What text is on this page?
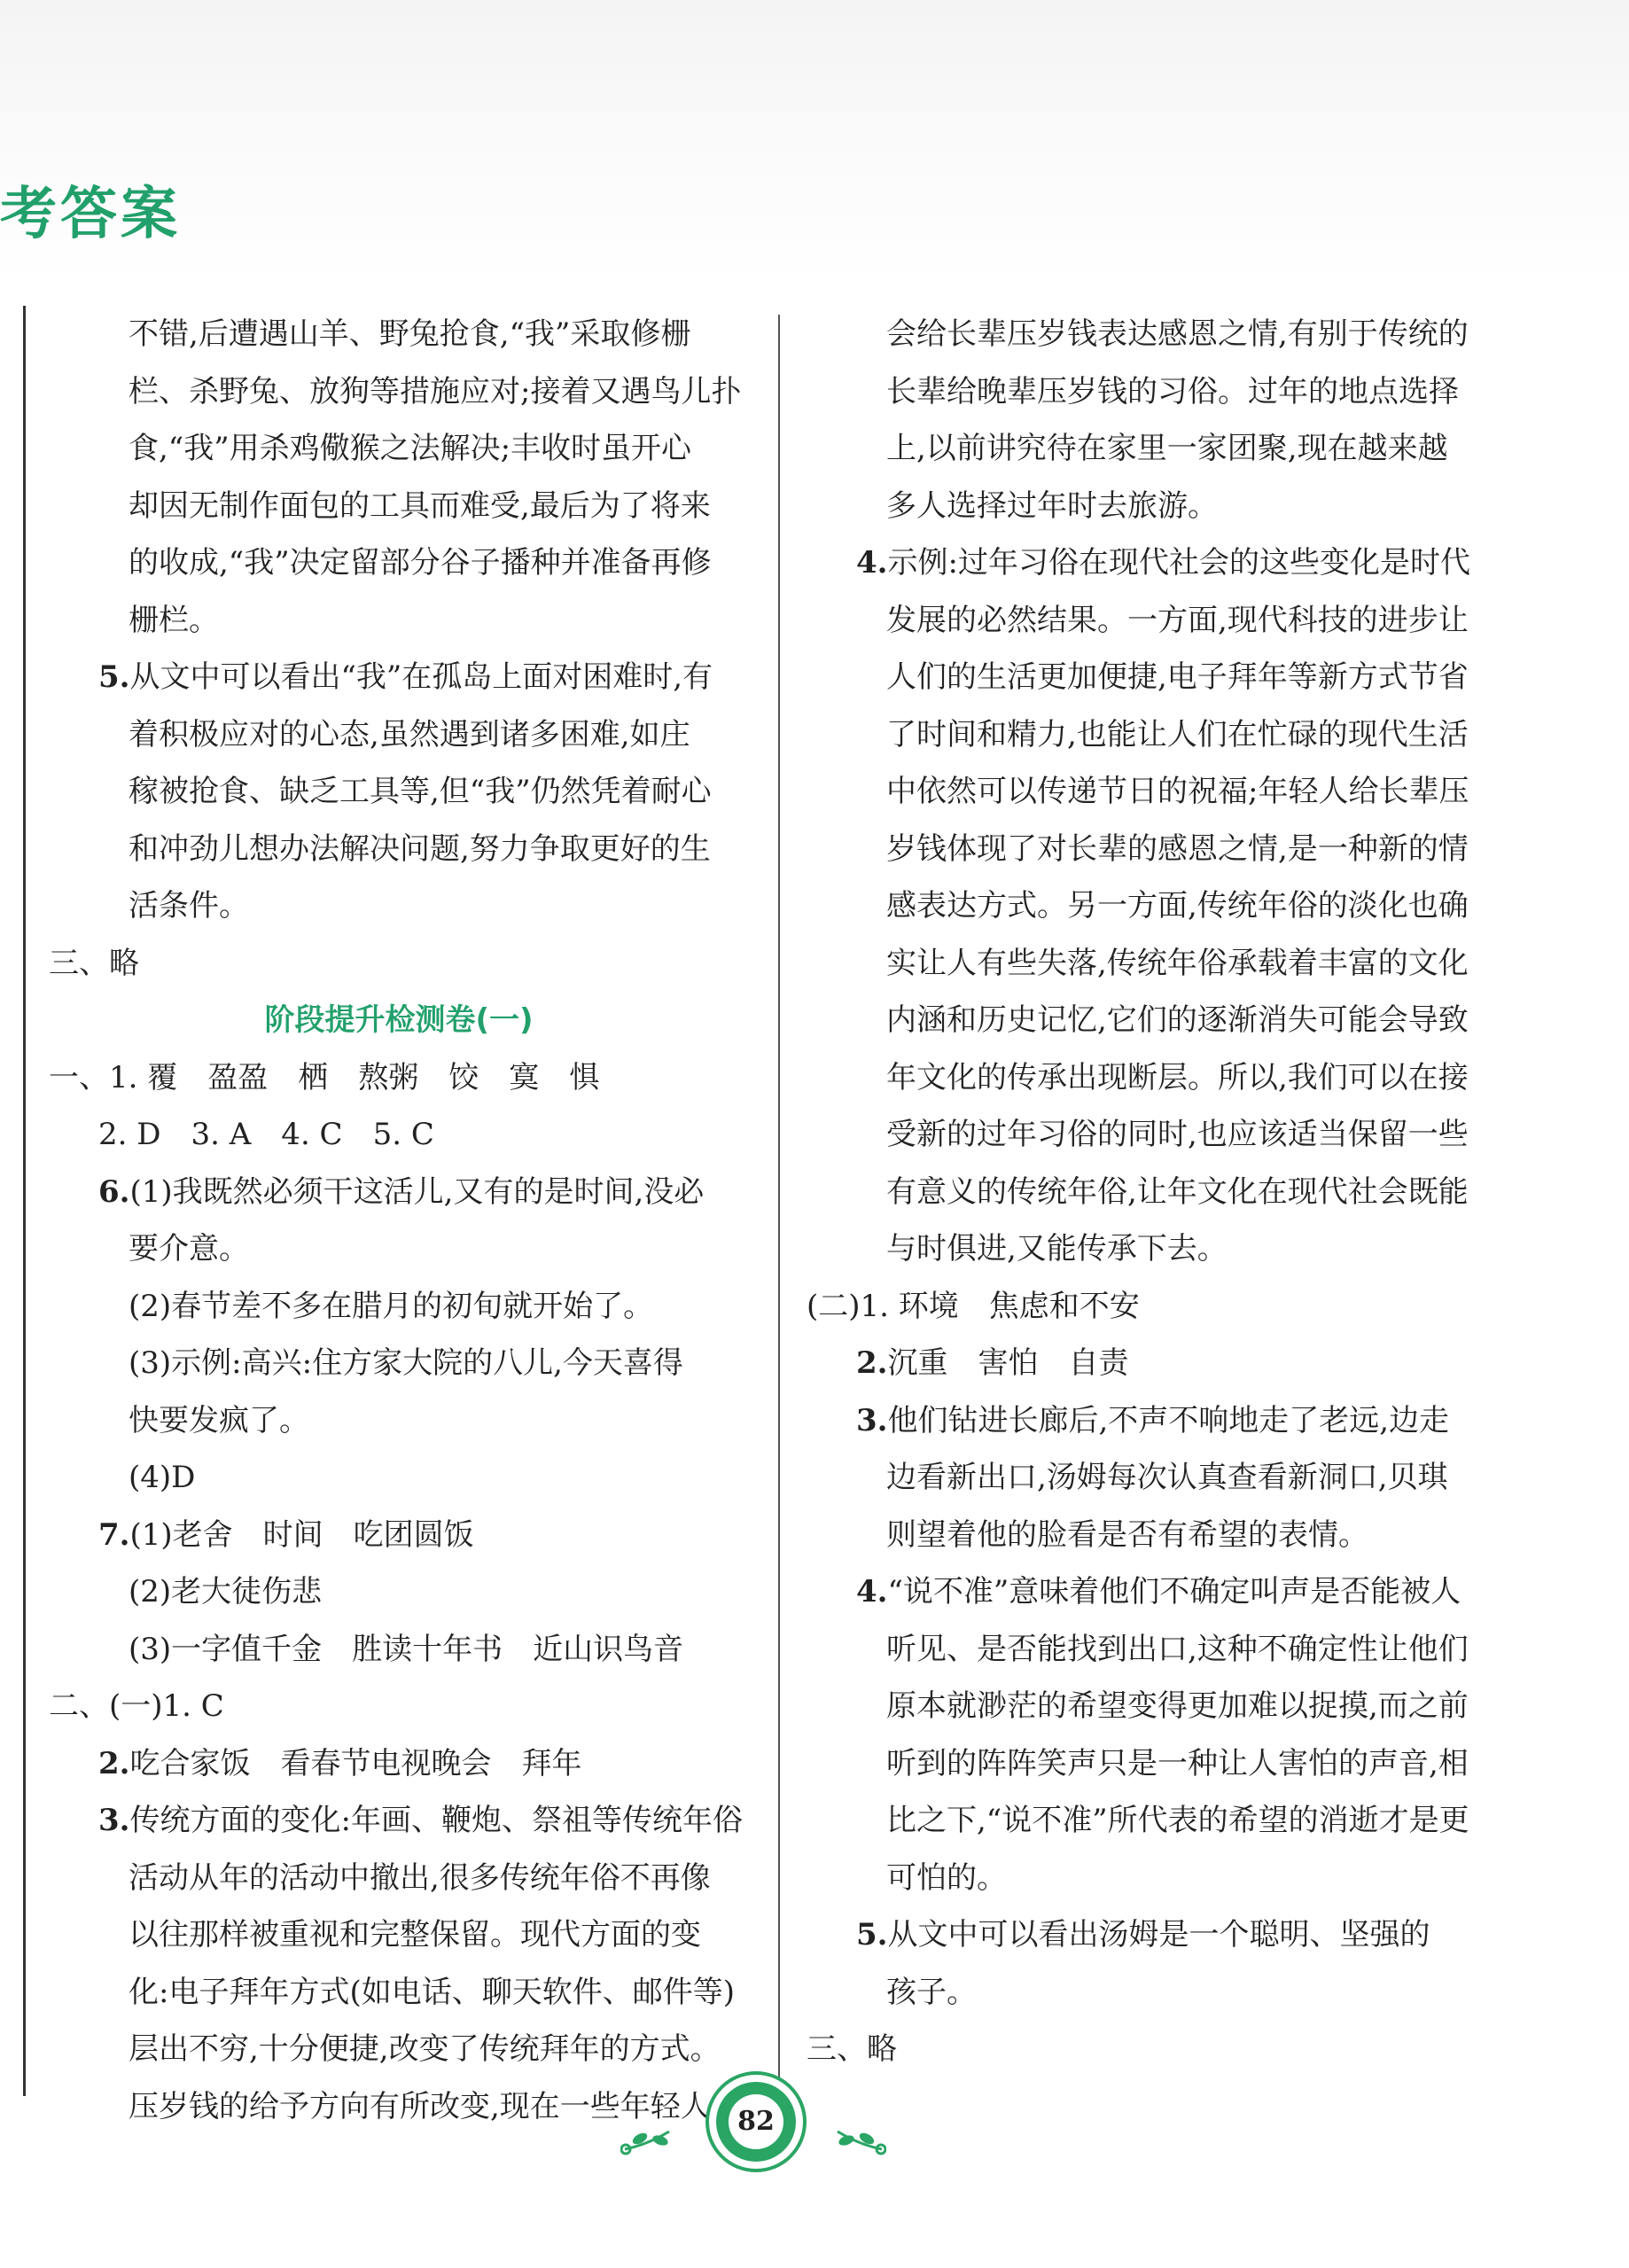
考答案
不错,后遭遇山羊、野兔抢食,“我”采取修栅
栏、杀野兔、放狗等措施应对;接着又遇鸟儿扑
食,“我”用杀鸡儆猴之法解决;丰收时虽开心
却因无制作面包的工具而难受,最后为了将来
的收成,“我”决定留部分谷子播种并准备再修
栅栏。
5.从文中可以看出“我”在孤岛上面对困难时,有
着积极应对的心态,虽然遇到诸多困难,如庄
稼被抢食、缺乏工具等,但“我”仍然凭着耐心
和冲劲儿想办法解决问题,努力争取更好的生
活条件。
三、略
阶段提升检测卷(一)
一、1. 覆　盈盈　栖　熬粥　饺　寞　惧
2. D　3. A　4. C　5. C
6.(1)我既然必须干这活儿,又有的是时间,没必
要介意。
(2)春节差不多在腊月的初旬就开始了。
(3)示例:高兴:住方家大院的八儿,今天喜得
快要发疯了。
(4)D
7.(1)老舍　时间　吃团圆饭
(2)老大徒伤悲
(3)一字值千金　胜读十年书　近山识鸟音
二、(一)1. C
2.吃合家饭　看春节电视晚会　拜年
3.传统方面的变化:年画、鞭炮、祭祖等传统年俗
活动从年的活动中撤出,很多传统年俗不再像
以往那样被重视和完整保留。现代方面的变
化:电子拜年方式(如电话、聊天软件、邮件等)
层出不穷,十分便捷,改变了传统拜年的方式。
压岁钱的给予方向有所改变,现在一些年轻人
会给长辈压岁钱表达感恩之情,有别于传统的
长辈给晚辈压岁钱的习俗。过年的地点选择
上,以前讲究待在家里一家团聚,现在越来越
多人选择过年时去旅游。
4.示例:过年习俗在现代社会的这些变化是时代
发展的必然结果。一方面,现代科技的进步让
人们的生活更加便捷,电子拜年等新方式节省
了时间和精力,也能让人们在忙碌的现代生活
中依然可以传递节日的祝福;年轻人给长辈压
岁钱体现了对长辈的感恩之情,是一种新的情
感表达方式。另一方面,传统年俗的淡化也确
实让人有些失落,传统年俗承载着丰富的文化
内涵和历史记忆,它们的逐渐消失可能会导致
年文化的传承出现断层。所以,我们可以在接
受新的过年习俗的同时,也应该适当保留一些
有意义的传统年俗,让年文化在现代社会既能
与时俱进,又能传承下去。
(二)1. 环境　焦虑和不安
2.沉重　害怕　自责
3.他们钻进长廊后,不声不响地走了老远,边走
边看新出口,汤姆每次认真查看新洞口,贝琪
则望着他的脸看是否有希望的表情。
4.“说不准”意味着他们不确定叫声是否能被人
听见、是否能找到出口,这种不确定性让他们
原本就渺茫的希望变得更加难以捉摸,而之前
听到的阵阵笑声只是一种让人害怕的声音,相
比之下,“说不准”所代表的希望的消逝才是更
可怕的。
5.从文中可以看出汤姆是一个聪明、坚强的
孩子。
三、略
82
